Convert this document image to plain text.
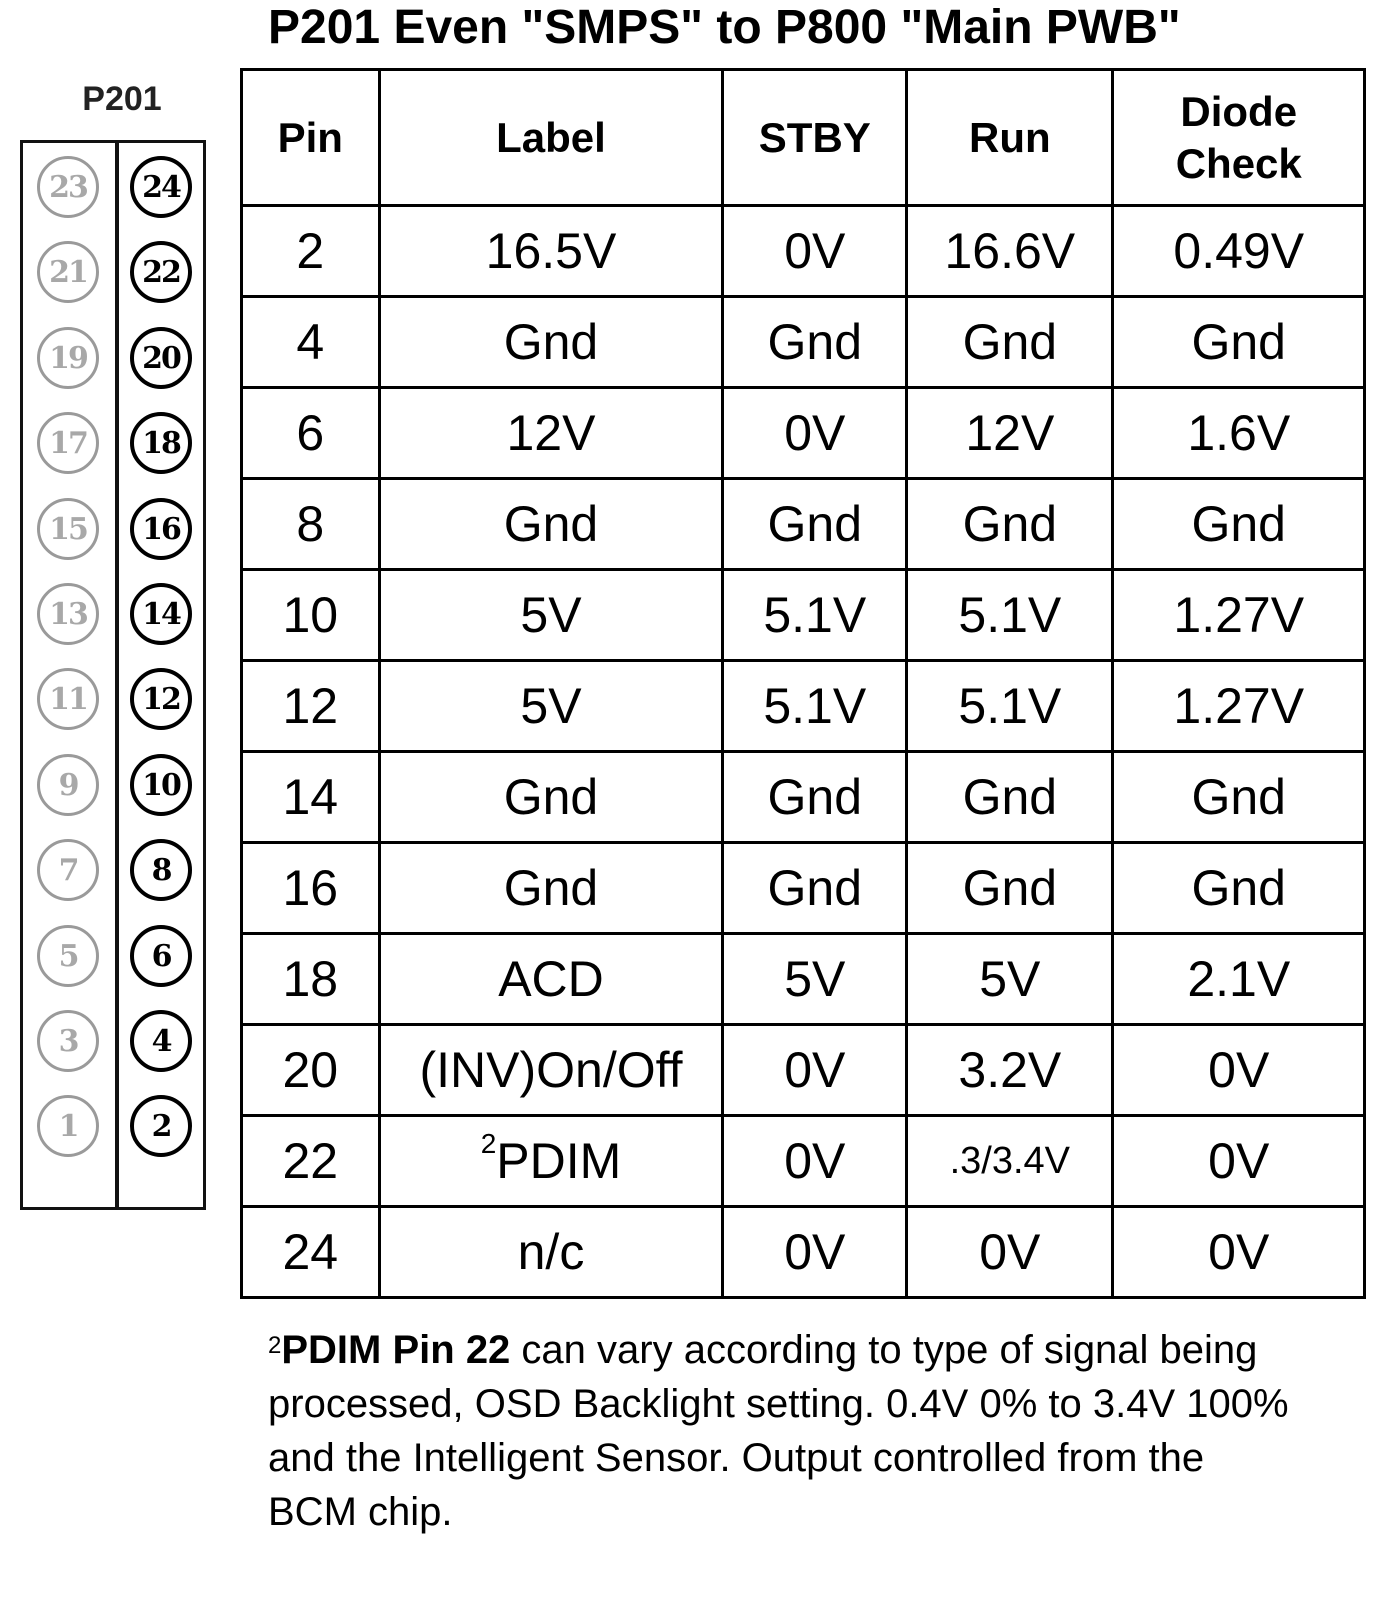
P201 Even "SMPS" to P800 "Main PWB"
P201
23	24
21	22
19	20
17	18
15	16
13	14
11	12
9	10
7	8
5	6
3	4
1	2
Pin	Label	STBY	Run	Diode
Check
2	16.5V	0V	16.6V	0.49V
4	Gnd	Gnd	Gnd	Gnd
6	12V	0V	12V	1.6V
8	Gnd	Gnd	Gnd	Gnd
10	5V	5.1V	5.1V	1.27V
12	5V	5.1V	5.1V	1.27V
14	Gnd	Gnd	Gnd	Gnd
16	Gnd	Gnd	Gnd	Gnd
18	ACD	5V	5V	2.1V
20	(INV)On/Off	0V	3.2V	0V
22	$^2$PDIM	0V	.3/3.4V	0V
24	n/c	0V	0V	0V
$^2$PDIM Pin 22 can vary according to type of signal being processed, OSD Backlight setting. 0.4V 0% to 3.4V 100% and the Intelligent Sensor. Output controlled from the BCM chip.
